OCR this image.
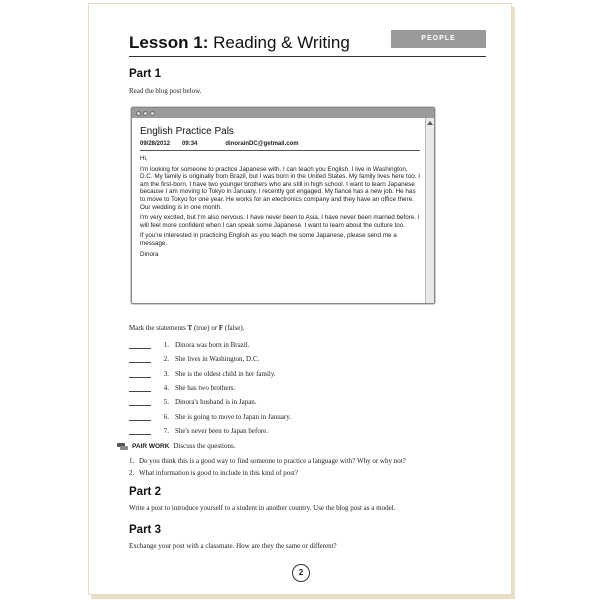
Lesson 1: Reading & Writing	PEOPLE
Part 1
Read the blog post below.
English Practice Pals
09/28/2012 09:34	dinorainDC@getmail.com

Hi,

I'm looking for someone to practice Japanese with. I can teach you English. I live in Washington, D.C. My family is originally from Brazil, but I was born in the United States. My family lives here too. I am the first-born. I have two younger brothers who are still in high school. I want to learn Japanese because I am moving to Tokyo in January. I recently got engaged. My fiancé has a new job. He has to move to Tokyo for one year. He works for an electronics company and they have an office there. Our wedding is in one month.

I'm very excited, but I'm also nervous. I have never been to Asia. I have never been married before. I will feel more confident when I can speak some Japanese. I want to learn about the culture too.

If you're interested in practicing English as you teach me some Japanese, please send me a message.

Dinora

Mark the statements T (true) or F (false).
1. Dinora was born in Brazil.
2. She lives in Washington, D.C.
3. She is the oldest child in her family.
4. She has two brothers.
5. Dinora's husband is in Japan.
6. She is going to move to Japan in January.
7. She's never been to Japan before.
PAIR WORK Discuss the questions.
1. Do you think this is a good way to find someone to practice a language with? Why or why not?
2. What information is good to include in this kind of post?
Part 2
Write a post to introduce yourself to a student in another country. Use the blog post as a model.
Part 3
Exchange your post with a classmate. How are they the same or different?
2
